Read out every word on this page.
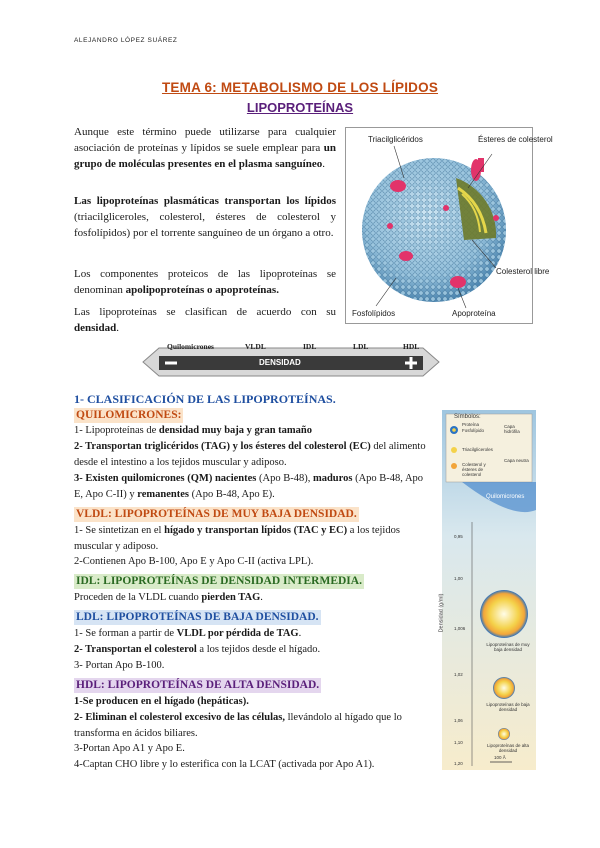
ALEJANDRO LÓPEZ SUÁREZ
TEMA 6: METABOLISMO DE LOS LÍPIDOS
LIPOPROTEÍNAS
Aunque este término puede utilizarse para cualquier asociación de proteínas y lípidos se suele emplear para un grupo de moléculas presentes en el plasma sanguíneo.
Las lipoproteínas plasmáticas transportan los lípidos (triacilgliceroles, colesterol, ésteres de colesterol y fosfolípidos) por el torrente sanguíneo de un órgano a otro.
Los componentes proteicos de las lipoproteínas se denominan apolipoproteínas o apoproteínas.
Las lipoproteínas se clasifican de acuerdo con su densidad.
Triacilglicéridos	Ésteres de colesterol
Colesterol libre
Fosfolípidos	Apoproteína
Quilomicrones	VLDL	IDL	LDL	HDL
DENSIDAD
1- CLASIFICACIÓN DE LAS LIPOPROTEÍNAS.
QUILOMICRONES:
1- Lipoproteínas de densidad muy baja y gran tamaño
2- Transportan triglicéridos (TAG) y los ésteres del colesterol (EC) del alimento desde el intestino a los tejidos muscular y adiposo.
3- Existen quilomicrones (QM) nacientes (Apo B-48), maduros (Apo B-48, Apo E, Apo C-II) y remanentes (Apo B-48, Apo E).
VLDL: LIPOPROTEÍNAS DE MUY BAJA DENSIDAD.
1- Se sintetizan en el hígado y transportan lípidos (TAC y EC) a los tejidos muscular y adiposo.
2-Contienen Apo B-100, Apo E y Apo C-II (activa LPL).
IDL: LIPOPROTEÍNAS DE DENSIDAD INTERMEDIA.
Proceden de la VLDL cuando pierden TAG.
LDL: LIPOPROTEÍNAS DE BAJA DENSIDAD.
1- Se forman a partir de VLDL por pérdida de TAG.
2- Transportan el colesterol a los tejidos desde el hígado.
3- Portan Apo B-100.
HDL: LIPOPROTEÍNAS DE ALTA DENSIDAD.
1-Se producen en el hígado (hepáticas).
2- Eliminan el colesterol excesivo de las células, llevándolo al hígado que lo transforma en ácidos biliares.
3-Portan Apo A1 y Apo E.
4-Captan CHO libre y lo esterifica con la LCAT (activada por Apo A1).
Símbolos:
Proteína
Fosfolípido
Capa hidrófila
Triacilgliceroles
Colesterol y ésteres de colesterol
Capa neutra
Quilomicrones
Densidad (g/ml)
0,95
1,00
1,006
1,02
1,06
1,10
1,20
Lipoproteínas de muy baja densidad
Lipoproteínas de baja densidad
Lipoproteínas de alta densidad
100 Å
